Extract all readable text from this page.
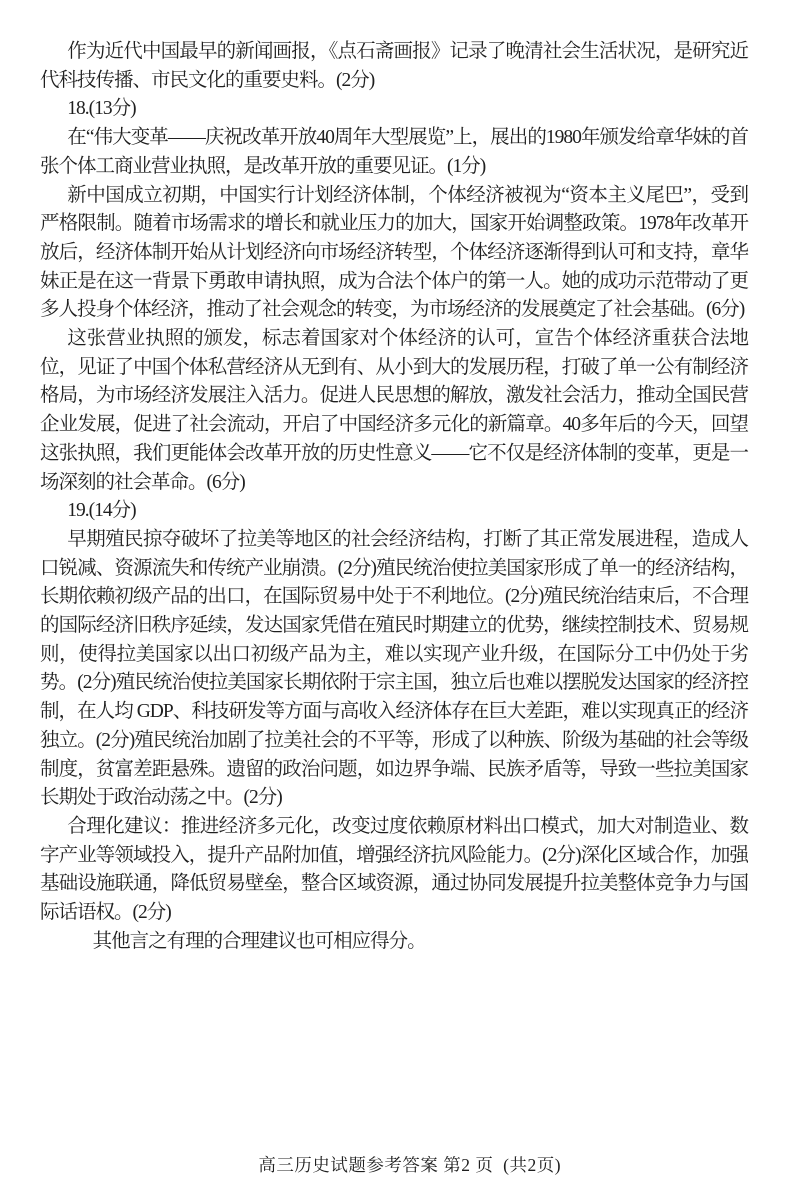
作为近代中国最早的新闻画报，《点石斋画报》记录了晚清社会生活状况，是研究近代科技传播、市民文化的重要史料。(2分)

18.(13分)

在“伟大变革——庆祝改革开放40周年大型展览”上，展出的1980年颁发给章华妹的首张个体工商业营业执照，是改革开放的重要见证。(1分)

新中国成立初期，中国实行计划经济体制，个体经济被视为“资本主义尾巴”，受到严格限制。随着市场需求的增长和就业压力的加大，国家开始调整政策。1978年改革开放后，经济体制开始从计划经济向市场经济转型，个体经济逐渐得到认可和支持，章华妹正是在这一背景下勇敢申请执照，成为合法个体户的第一人。她的成功示范带动了更多人投身个体经济，推动了社会观念的转变，为市场经济的发展奠定了社会基础。(6分)

这张营业执照的颁发，标志着国家对个体经济的认可，宣告个体经济重获合法地位，见证了中国个体私营经济从无到有、从小到大的发展历程，打破了单一公有制经济格局，为市场经济发展注入活力。促进人民思想的解放，激发社会活力，推动全国民营企业发展，促进了社会流动，开启了中国经济多元化的新篇章。40多年后的今天，回望这张执照，我们更能体会改革开放的历史性意义——它不仅是经济体制的变革，更是一场深刻的社会革命。(6分)

19.(14分)

早期殖民掠夺破坏了拉美等地区的社会经济结构，打断了其正常发展进程，造成人口锐减、资源流失和传统产业崩溃。(2分)殖民统治使拉美国家形成了单一的经济结构，长期依赖初级产品的出口，在国际贸易中处于不利地位。(2分)殖民统治结束后，不合理的国际经济旧秩序延续，发达国家凭借在殖民时期建立的优势，继续控制技术、贸易规则，使得拉美国家以出口初级产品为主，难以实现产业升级，在国际分工中仍处于劣势。(2分)殖民统治使拉美国家长期依附于宗主国，独立后也难以摆脱发达国家的经济控制，在人均 GDP、科技研发等方面与高收入经济体存在巨大差距，难以实现真正的经济独立。(2分)殖民统治加剧了拉美社会的不平等，形成了以种族、阶级为基础的社会等级制度，贫富差距悬殊。遗留的政治问题，如边界争端、民族矛盾等，导致一些拉美国家长期处于政治动荡之中。(2分)

合理化建议：推进经济多元化，改变过度依赖原材料出口模式，加大对制造业、数字产业等领域投入，提升产品附加值，增强经济抗风险能力。(2分)深化区域合作，加强基础设施联通，降低贸易壁垒，整合区域资源，通过协同发展提升拉美整体竞争力与国际话语权。(2分)

其他言之有理的合理建议也可相应得分。

高三历史试题参考答案 第2 页  (共2页)
